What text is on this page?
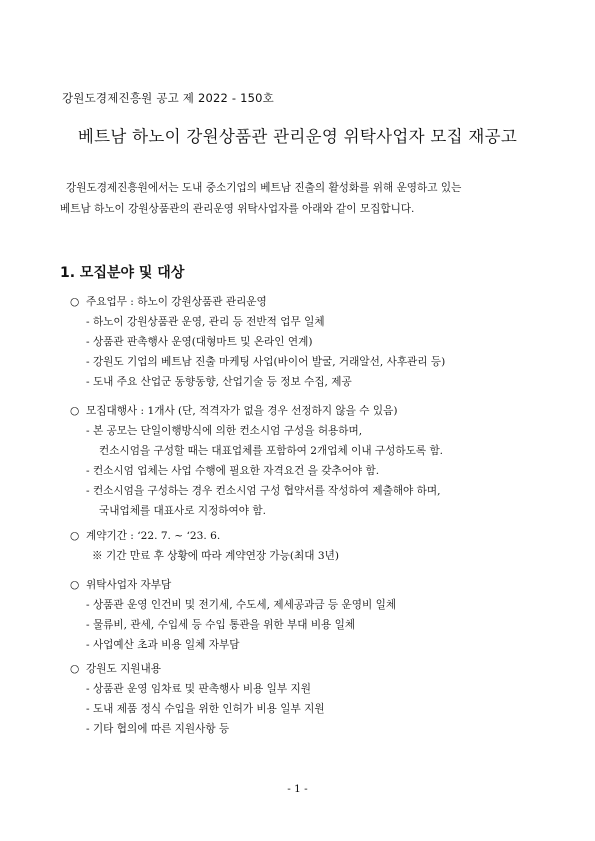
강원도경제진흥원 공고 제 2022 - 150호
베트남 하노이 강원상품관 관리운영 위탁사업자 모집 재공고
강원도경제진흥원에서는 도내 중소기업의 베트남 진출의 활성화를 위해 운영하고 있는
베트남 하노이 강원상품관의 관리운영 위탁사업자를 아래와 같이 모집합니다.
1. 모집분야 및 대상
○ 주요업무 : 하노이 강원상품관 관리운영
- 하노이 강원상품관 운영, 관리 등 전반적 업무 일체
- 상품관 판촉행사 운영(대형마트 및 온라인 연계)
- 강원도 기업의 베트남 진출 마케팅 사업(바이어 발굴, 거래알선, 사후관리 등)
- 도내 주요 산업군 동향동향, 산업기술 등 정보 수집, 제공
○ 모집대행사 : 1개사 (단, 적격자가 없을 경우 선정하지 않을 수 있음)
- 본 공모는 단일이행방식에 의한 컨소시엄 구성을 허용하며,
컨소시엄을 구성할 때는 대표업체를 포함하여 2개업체 이내 구성하도록 함.
- 컨소시엄 업체는 사업 수행에 필요한 자격요건 을 갖추어야 함.
- 컨소시엄을 구성하는 경우 컨소시엄 구성 협약서를 작성하여 제출해야 하며,
국내업체를 대표사로 지정하여야 함.
○ 계약기간 : ‘22. 7. ~ ‘23. 6.
※ 기간 만료 후 상황에 따라 계약연장 가능(최대 3년)
○ 위탁사업자 자부담
- 상품관 운영 인건비 및 전기세, 수도세, 제세공과금 등 운영비 일체
- 물류비, 관세, 수입세 등 수입 통관을 위한 부대 비용 일체
- 사업예산 초과 비용 일체 자부담
○ 강원도 지원내용
- 상품관 운영 임차료 및 판촉행사 비용 일부 지원
- 도내 제품 정식 수입을 위한 인허가 비용 일부 지원
- 기타 협의에 따른 지원사항 등
- 1 -
